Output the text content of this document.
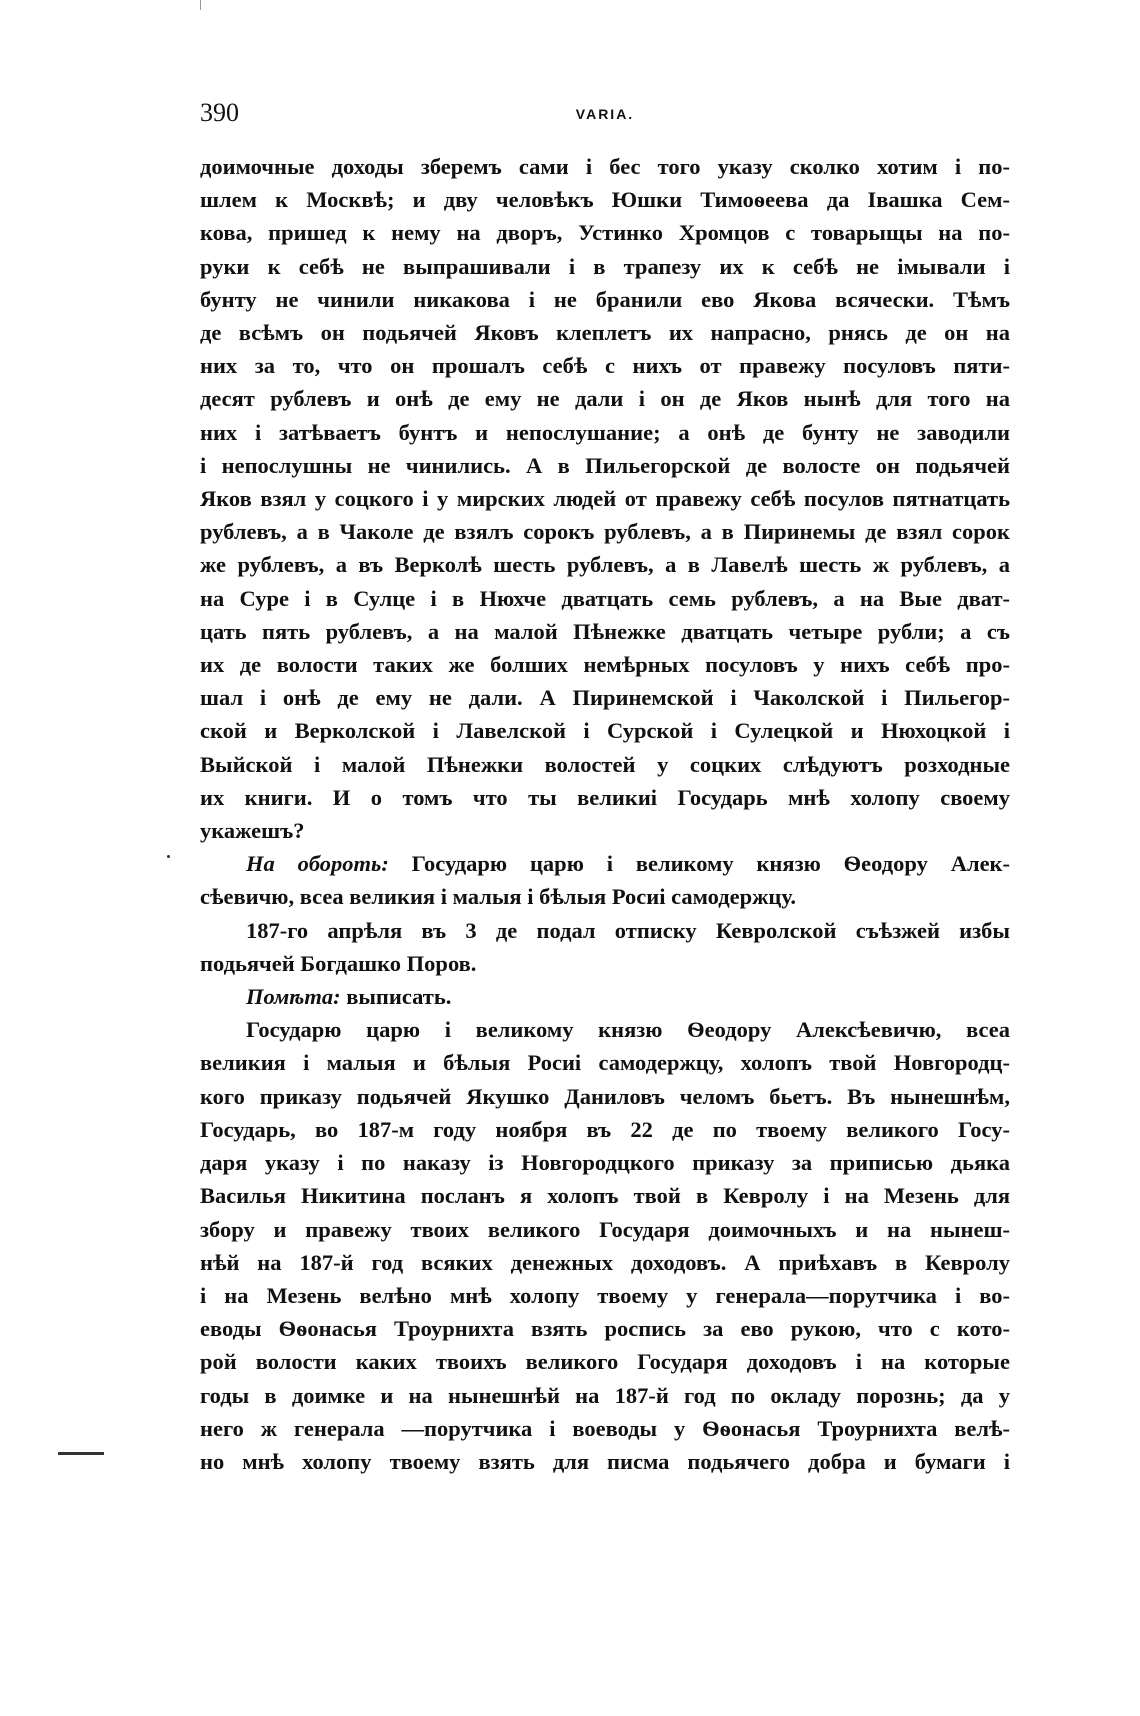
390	VARIA.
доимочные доходы зберемъ сами і бес того указу сколко хотим і по-
шлем к Москвѣ; и дву человѣкъ Юшки Тимоѳеева да Івашка Сем-
кова, пришед к нему на дворъ, Устинко Хромцов с товарыщы на по-
руки к себѣ не выпрашивали і в трапезу их к себѣ не імывали і
бунту не чинили никакова і не бранили ево Якова всячески. Тѣмъ
де всѣмъ он подьячей Яковъ клеплетъ их напрасно, рнясь де он на
них за то, что он прошалъ себѣ с нихъ от правежу посуловъ пяти-
десят рублевъ и онѣ де ему не дали і он де Яков нынѣ для того на
них і затѣваетъ бунтъ и непослушание; а онѣ де бунту не заводили
і непослушны не чинились. А в Пильегорской де волосте он подьячей
Яков взял у соцкого і у мирских людей от правежу себѣ посулов пятнатцать
рублевъ, а в Чаколе де взялъ сорокъ рублевъ, а в Пиринемы де взял сорок
же рублевъ, а въ Верколѣ шесть рублевъ, а в Лавелѣ шесть ж рублевъ, а
на Суре і в Сулце і в Нюхче дватцать семь рублевъ, а на Вые дват-
цать пять рублевъ, а на малой Пѣнежке дватцать четыре рубли; а съ
их де волости таких же болших немѣрных посуловъ у нихъ себѣ про-
шал і онѣ де ему не дали. А Пиринемской і Чаколской і Пильегор-
ской и Верколской і Лавелской і Сурской і Сулецкой и Нюхоцкой і
Выйской і малой Пѣнежки волостей у соцких слѣдуютъ розходные
их книги. И о томъ что ты великиі Государь мнѣ холопу своему
укажешъ?
На обороть: Государю царю і великому князю Ѳеодору Алек-
сѣевичю, всеа великия і малыя і бѣлыя Росиі самодержцу.
187-го апрѣля въ 3 де подал отписку Кевролской съѣзжей избы
подьячей Богдашко Поров.
Помѣта: выписать.
Государю царю і великому князю Ѳеодору Алексѣевичю, всеа
великия і малыя и бѣлыя Росиі самодержцу, холопъ твой Новгородц-
кого приказу подьячей Якушко Даниловъ челомъ бьетъ. Въ нынешнѣм,
Государь, во 187-м году ноября въ 22 де по твоему великого Госу-
даря указу і по наказу із Новгородцкого приказу за приписью дьяка
Василья Никитина посланъ я холопъ твой в Кевролу і на Мезень для
збору и правежу твоих великого Государя доимочныхъ и на нынеш-
нѣй на 187-й год всяких денежных доходовъ. А приѣхавъ в Кевролу
і на Мезень велѣно мнѣ холопу твоему у генерала—порутчика і во-
еводы Ѳѳонасья Троурнихта взять роспись за ево рукою, что с кото-
рой волости каких твоихъ великого Государя доходовъ і на которые
годы в доимке и на нынешнѣй на 187-й год по окладу порознь; да у
него ж генерала —порутчика і воеводы у Ѳѳонасья Троурнихта велѣ-
но мнѣ холопу твоему взять для писма подьячего добра и бумаги і
